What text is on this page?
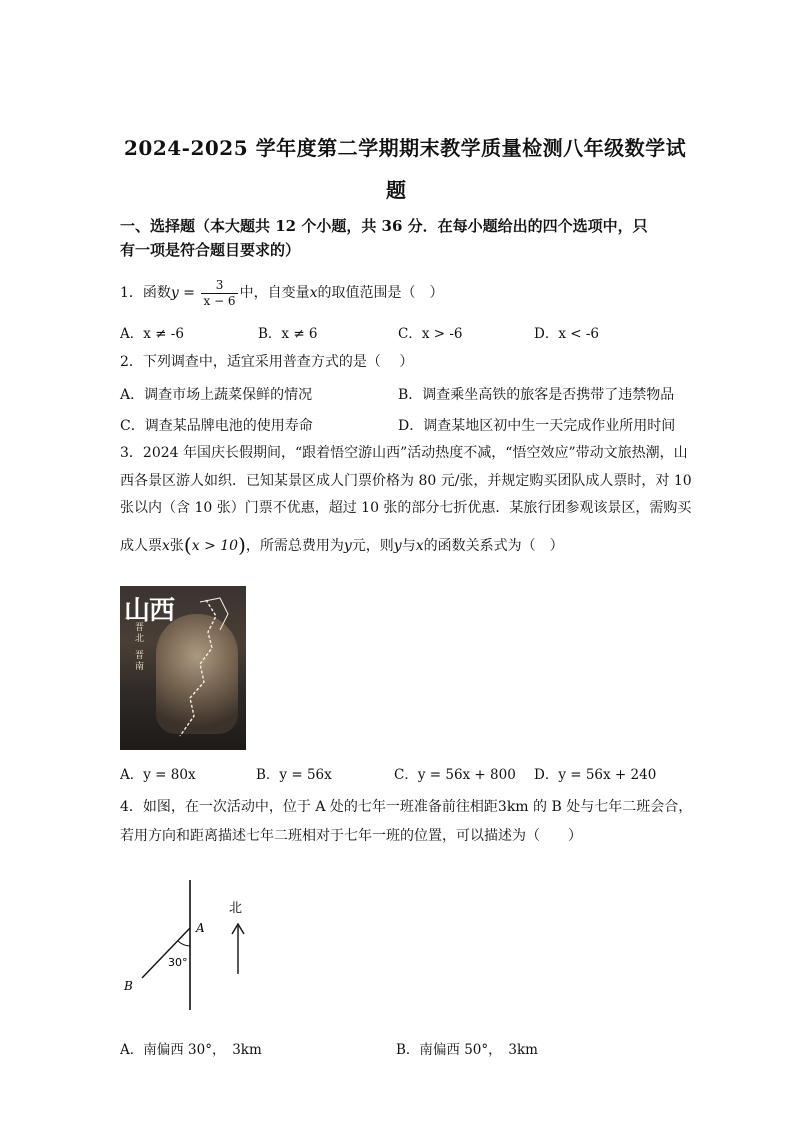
2024-2025 学年度第二学期期末教学质量检测八年级数学试
题
一、选择题（本大题共 12 个小题，共 36 分．在每小题给出的四个选项中，只
有一项是符合题目要求的）
1．函数$y = \frac{3}{x - 6}$ 中，自变量x的取值范围是（　）
A．x ≠ -6	B．x ≠ 6	C．x > -6	D．x < -6
2．下列调查中，适宜采用普查方式的是（　 ）
A．调查市场上蔬菜保鲜的情况	B．调查乘坐高铁的旅客是否携带了违禁物品
C．调查某品牌电池的使用寿命	D．调查某地区初中生一天完成作业所用时间
3．2024 年国庆长假期间，“跟着悟空游山西”活动热度不减，“悟空效应”带动文旅热潮，山
西各景区游人如织．已知某景区成人门票价格为 80 元/张，并规定购买团队成人票时，对 10
张以内（含 10 张）门票不优惠，超过 10 张的部分七折优惠．某旅行团参观该景区，需购买
成人票x张(x > 10)，所需总费用为y元，则y与x的函数关系式为（　）
山西
晋北
晋南
A．y = 80x	B．y = 56x	C．y = 56x + 800 D．y = 56x + 240
4．如图，在一次活动中，位于 A 处的七年一班准备前往相距3km 的 B 处与七年二班会合，
若用方向和距离描述七年二班相对于七年一班的位置，可以描述为（　　）
30°
A
B
北
A．南偏西 30°，　3km	B．南偏西 50°，　3km
